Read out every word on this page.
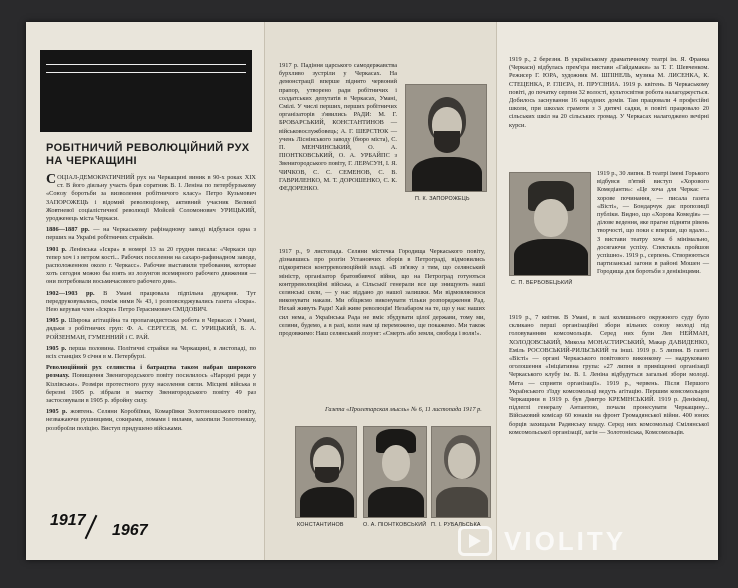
РОБІТНИЧИЙ РЕВОЛЮЦІЙНИЙ РУХ НА ЧЕРКАЩИНІ

СОЦІАЛ-ДЕМОКРАТИЧНИЙ рух на Черкащині виник в 90-х роках XIX ст. В його діяльну участь брав соратник В. І. Леніна по петербурзькому «Союзу боротьби за визволення робітничого класу» Петро Кузьмович ЗАПОРОЖЕЦЬ і відомий революціонер, активний учасник Великої Жовтневої соціалістичної революції Мойсей Соломонович УРИЦЬКИЙ, уродженець міста Черкаси.

1886—1887 рр. — на Черкаському рафінадному заводі відбулася одна з перших на Україні робітничих страйків.

1901 р. Ленінська «Іскра» в номері 13 за 20 грудня писала: «Черкаси що тепер хоч і з ветром кості... Рабочих поселення на сахаро-рафинадном заводе, расположенном около г. Черкасс». Рабочие выставили требования, которые хоть сегодня можно бы взять из лозунгов всемирного рабочего движения — они потребовали восьмичасового рабочего дня».

1902—1903 рр. В Умані працювала підпільна друкарня. Тут передруковувались, поміж ними № 43, і розповсюджувались газета «Іскра». Нею керував член «Іскри» Петро Герасимович СМІДОВИЧ.

1905 р. Широка агітаційна та пропагандистська робота в Черкасах і Умані, дядьки з робітничих груп: Ф. А. СЕРГЄЄВ, М. С. УРИЦЬКИЙ, Б. А. РОЙЗЕНМАН, ГУМЕННИЙ і С. РАЙ.

1905 р. перша половина. Політичні страйки на Черкащині, в листопаді, по всіх станціях 9 січня в м. Петербурзі.

Революційний рух селянства і батрацтва таком набрав широкого розмаху. Повищення Звенигородського повіту посилилось «Народні ряди у Кізлівськи». Розміри протестного руху населення сягли. Місцеві війська в березні 1905 р. зібрали в маєтку Звенигородського повіту 49 раз застосовували в 1905 р. збройну силу.

1905 р. жовтень. Селяни Коробіївки, Комаріївки Золотоношського повіту, незважаючи рушницями, сокирами, ломами і вилами, захопили Золотоношу, роззброїли поліцію. Виступ придушено військами.

1917
1967
1917 р. Падіння царського самодержавства бурхливо зустріли у Черкасах. На демонстрації вперше піднято червоний прапор, утворено ради робітничих і солдатських депутатів в Черкасах, Умані, Смілі. У числі перших, перших робітничих організаторів з'явились РАДИ: М. Г. БРОВАРСЬКИЙ, КОНСТАНТИНОВ — військовослужбовець; А. Г. ШЕРСТЮК — учень Ліснінського заводу (бюро міста), С. П. МЕНЧИНСЬКИЙ, О. А. ПІОНТКОВСЬКИЙ, О. А. УРБАЙПС з Звенигородського повіту, Г. ЛЕРАСУН, І. Я. ЧИЧКОВ, С. С. СЕМЕНОВ, С. В. ГАВРИЛЕНКО, М. Т. ДОРОШЕНКО, С. К. ФЕДОРЕНКО.
П. К. ЗАПОРОЖЕЦЬ
1917 р., 9 листопада. Селяни містечка Городища Черкаського повіту, дізнавшись про розгін Установчих зборів в Петрограді, відмовились підкорятися контрреволюційній владі. «В зв'язку з тим, що селянський міністр, організатор братовбивчої війни, що на Петроград готуються контрреволюційні війська, а Сільськії генерали все ще знищують наші селянські сили, — у нас віддано до нашої залишки. Ми відмовляємося виконувати накази. Ми обіцяємо виконувати тільки розпорядження Рад. Нехай живуть Ради! Хай живе революція! Незабаром на те, що у нас наших сил нема, а Українська Рада не вміє збудувати цілої держави, тому ми, селяни, будемо, а в разі, коли нам ці переможено, ще покажемо. Ми також продовжимо: Наш селянський лозунг: «Смерть або земля, свобода і воля!».
Газета «Пролетарская мысль» № 6, 11 листопада 1917 р.
КОНСТАНТИНОВ	О. А. ПІОНТКОВСЬКИЙ П. І. РУБАЛЬСЬКА
1919 р., 2 березня. В українському драматичному театрі ім. Я. Франка (Черкаси) відбулась прем'єра вистави «Гайдамаки» за Т. Г. Шевченком. Режисер Г. ЮРА, художник М. ШПІНЕЛЬ, музика М. ЛИСЕНКА, К. СТЕЦЕНКА, Р. ГЛІЄРА, Н. ПРУСІНИА. 1919 р. квітень. В Черкаському повіті, до початку серпня 32 волості, культосвітня робота налагоджується. Добилось заснування 16 народних домів. Там працювали 4 професійні школи, при школах грамоти з 3 дитячі садки, в повіті працювало 20 сільських шкіл на 20 сільських громад. У Черкасах налагоджено вечірні курси.
С. П. ВЕРБОВЕЦЬКИЙ
1919 р., 30 липня. В театрі імені Горького відбувся п'ятий виступ «Хорового Комедіанти»: «Це хоча для Черкас — хорове починання, — писала газета «Вісті», — Бондарчук дає пропозиції публіки. Видно, що «Хорова Комедія» — ділове ведення, яке прагне підняти рівень творчості, що поки є вперше, що вдало... З вистави театру хоча б мінімально, досягаючи успіху. Спектакль пройшов успішно». 1919 р., серпень. Створюються партизанські загони в районі Мошен — Городища для боротьби з денікінцями.
1919 р., 7 квітня. В Умані, в залі колишнього окружного суду було скликано перші організаційні збори вільних союзу молоді під головуванням комсомольців. Серед них були Лев НЕЙМАН, ХОЛОДОВСЬКИЙ, Микола МОНАСТИРСЬКИЙ, Макар ДАВИДЕНКО, Еміль РОСОВСЬКИЙ-РИЛЬСЬКИЙ та інші. 1919 р. 5 липня. В газеті «Вісті» — органі Черкаського повітового виконкому — надруковано оголошення «Ініціативна група: «27 липня в приміщенні організації Черкаського клубу ім. В. І. Леніна відбудуться загальні збори молоді. Мета — сприяти організації». 1919 р., червень. Після Першого Українського з'їзду комсомольці ведуть агітацію. Першим комсомольцем Черкащини в 1919 р. був Дмитро КРЕМІНСЬКИЙ. 1919 р. Денікінці, підлеглі генералу Антантою, почали пронесувати Черкащину... Військовий комісар 60 юнаків на фронт Громадянської війни. 400 юних борців захищали Радянську владу. Серед них комсомольці Смілянської комсомольської організації, загін — Золотоніська, Комсомольців.
VIOLITY
